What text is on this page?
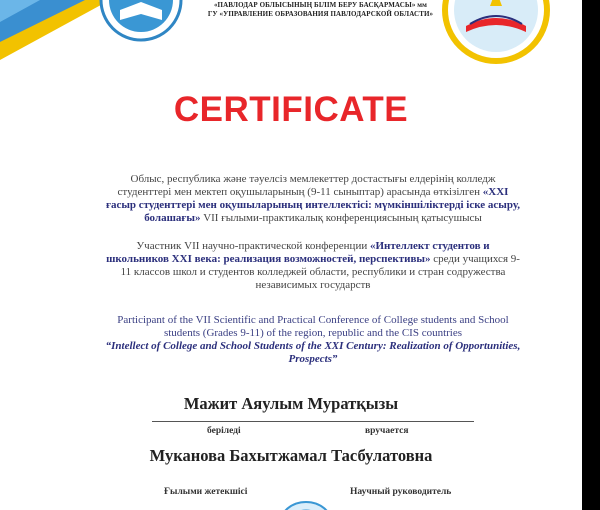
«ПАВЛОДАР ОБЛЫСЫНЫҢ БІЛІМ БЕРУ БАСҚАРМАСЫ» мм
ГУ «УПРАВЛЕНИЕ ОБРАЗОВАНИЯ ПАВЛОДАРСКОЙ ОБЛАСТИ»
CERTIFICATE
Облыс, республика және тәуелсіз мемлекеттер достастығы елдерінің колледж студенттері мен мектеп оқушыларының (9-11 сыныптар) арасында өткізілген «XXI ғасыр студенттері мен оқушыларының интеллектісі: мүмкіншіліктерді іске асыру, болашағы» VII ғылыми-практикалық конференциясының қатысушысы
Участник VII научно-практической конференции «Интеллект студентов и школьников XXI века: реализация возможностей, перспективы» среди учащихся 9-11 классов школ и студентов колледжей области, республики и стран содружества независимых государств
Participant of the VII Scientific and Practical Conference of College students and School students (Grades 9-11) of the region, republic and the CIS countries
“Intellect of College and School Students of the XXI Century: Realization of Opportunities, Prospects”
Мажит Аяулым Муратқызы
беріледі	вручается
Муканова Бахытжамал Тасбулатовна
Ғылыми жетекшісі	Научный руководитель
